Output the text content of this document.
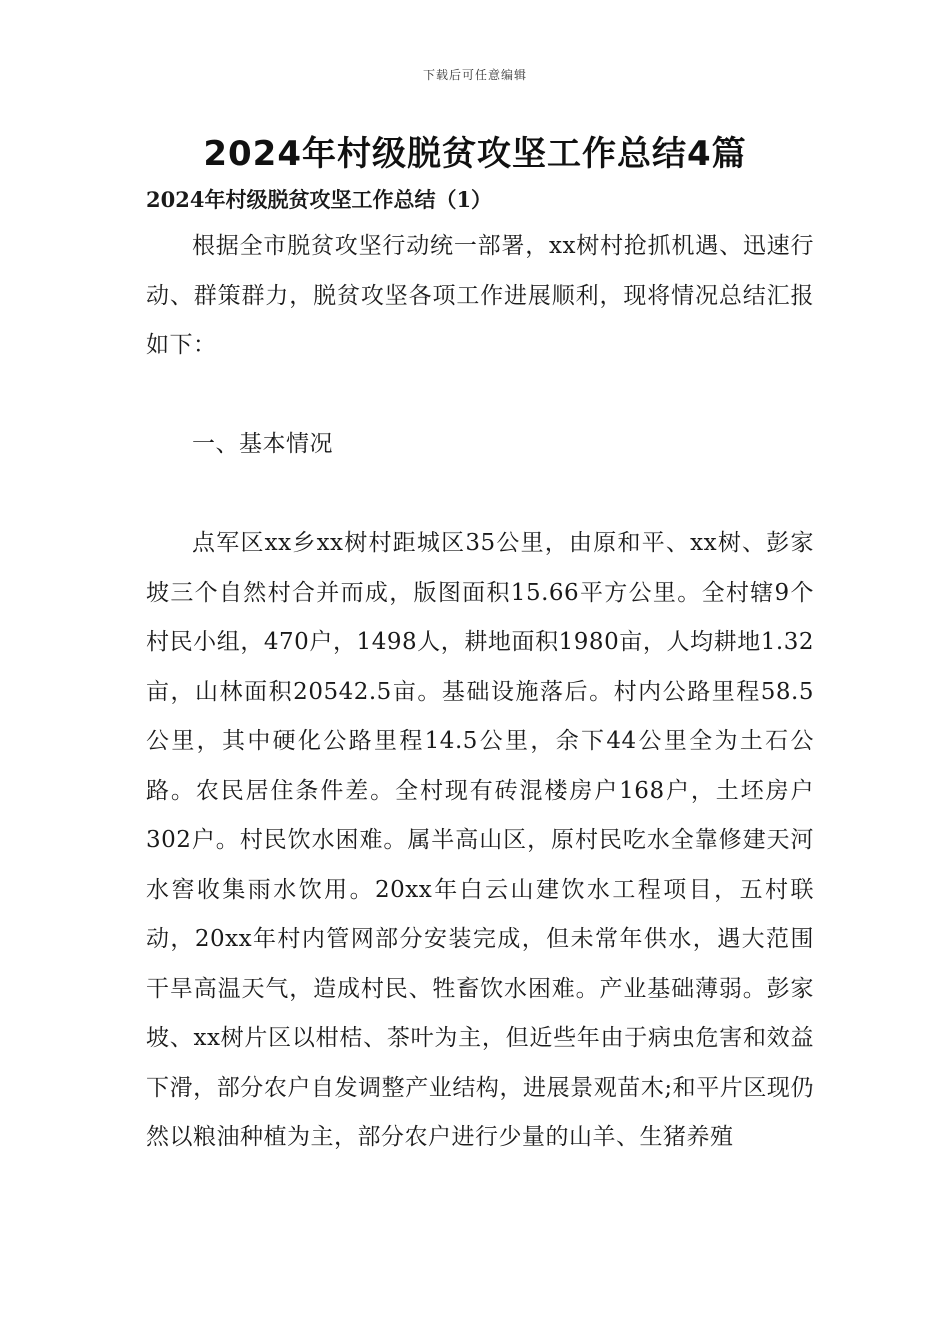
下载后可任意编辑
2024年村级脱贫攻坚工作总结4篇
2024年村级脱贫攻坚工作总结（1）

根据全市脱贫攻坚行动统一部署，xx树村抢抓机遇、迅速行动、群策群力，脱贫攻坚各项工作进展顺利，现将情况总结汇报如下：

一、基本情况

点军区xx乡xx树村距城区35公里，由原和平、xx树、彭家坡三个自然村合并而成，版图面积15.66平方公里。全村辖9个村民小组，470户，1498人，耕地面积1980亩，人均耕地1.32亩，山林面积20542.5亩。基础设施落后。村内公路里程58.5公里，其中硬化公路里程14.5公里，余下44公里全为土石公路。农民居住条件差。全村现有砖混楼房户168户，土坯房户302户。村民饮水困难。属半高山区，原村民吃水全靠修建天河水窖收集雨水饮用。20xx年白云山建饮水工程项目，五村联动，20xx年村内管网部分安装完成，但未常年供水，遇大范围干旱高温天气，造成村民、牲畜饮水困难。产业基础薄弱。彭家坡、xx树片区以柑桔、茶叶为主，但近些年由于病虫危害和效益下滑，部分农户自发调整产业结构，进展景观苗木;和平片区现仍然以粮油种植为主，部分农户进行少量的山羊、生猪养殖
